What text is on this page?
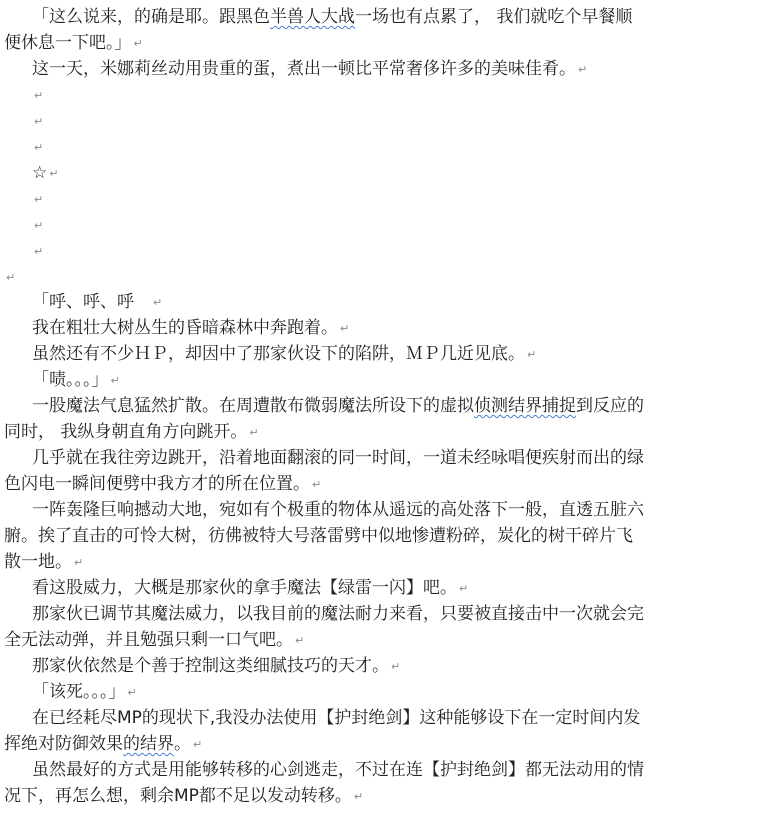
「这么说来，的确是耶。跟黑色半兽人大战一场也有点累了， 我们就吃个早餐顺
便休息一下吧。」 ↵
这一天，米娜莉丝动用贵重的蛋，煮出一顿比平常奢侈许多的美味佳肴。 ↵
↵
↵
↵
☆ ↵
↵
↵
↵
↵
「呼、呼、呼　↵
我在粗壮大树丛生的昏暗森林中奔跑着。 ↵
虽然还有不少ＨＰ，却因中了那家伙设下的陷阱，ＭＰ几近见底。 ↵
「啧。。。」 ↵
一股魔法气息猛然扩散。在周遭散布微弱魔法所设下的虚拟侦测结界捕捉到反应的
同时， 我纵身朝直角方向跳开。 ↵
几乎就在我往旁边跳开，沿着地面翻滚的同一时间，一道未经咏唱便疾射而出的绿
色闪电一瞬间便劈中我方才的所在位置。 ↵
一阵轰隆巨响撼动大地，宛如有个极重的物体从遥远的高处落下一般，直透五脏六
腑。挨了直击的可怜大树，彷佛被特大号落雷劈中似地惨遭粉碎，炭化的树干碎片飞
散一地。 ↵
看这股威力，大概是那家伙的拿手魔法【绿雷一闪】吧。 ↵
那家伙已调节其魔法威力，以我目前的魔法耐力来看，只要被直接击中一次就会完
全无法动弹，并且勉强只剩一口气吧。 ↵
那家伙依然是个善于控制这类细腻技巧的天才。 ↵
「该死。。。」 ↵
在已经耗尽MP的现状下,我没办法使用【护封绝剑】这种能够设下在一定时间内发
挥绝对防御效果的结界。 ↵
虽然最好的方式是用能够转移的心剑逃走，不过在连【护封绝剑】都无法动用的情
况下，再怎么想，剩余MP都不足以发动转移。 ↵
